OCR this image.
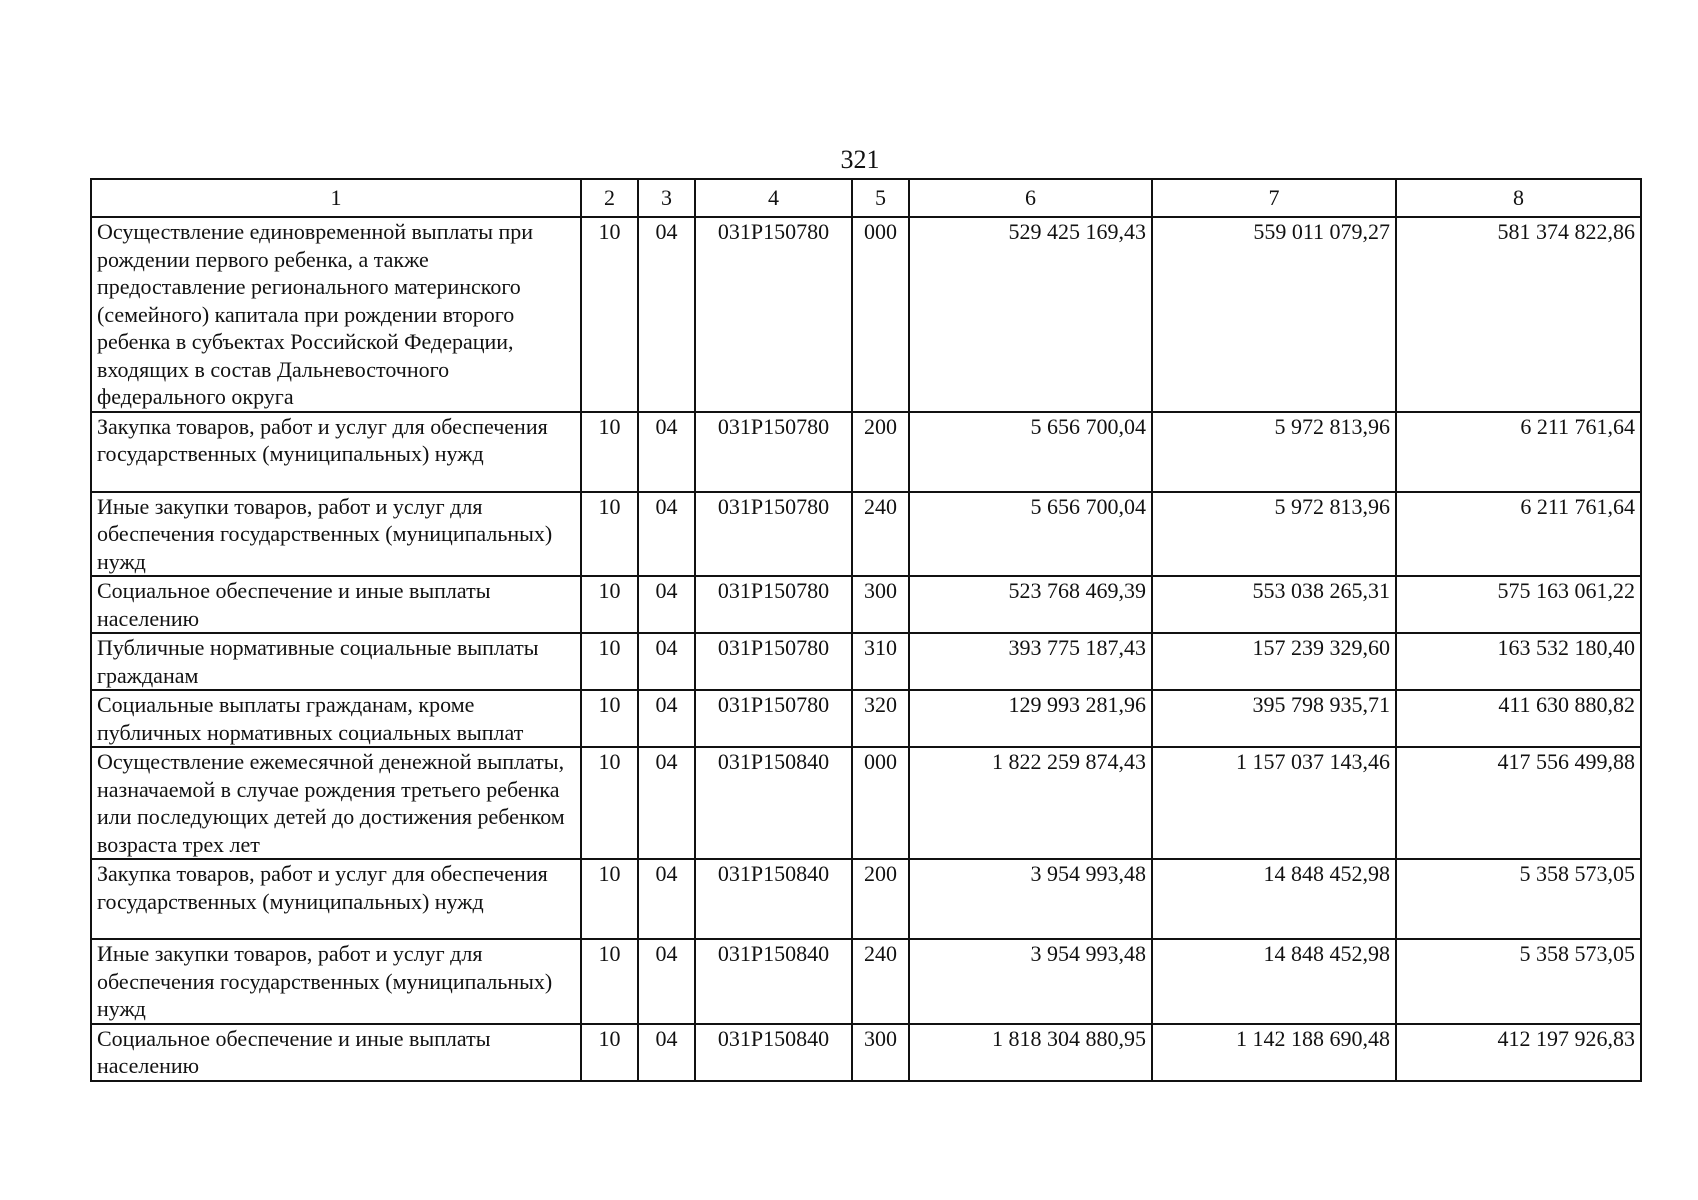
321
1	2	3	4	5	6	7	8
Осуществление единовременной выплаты при рождении первого ребенка, а также предоставление регионального материнского (семейного) капитала при рождении второго ребенка в субъектах Российской Федерации, входящих в состав Дальневосточного федерального округа	10	04	031P150780	000	529 425 169,43	559 011 079,27	581 374 822,86
Закупка товаров, работ и услуг для обеспечения государственных (муниципальных) нужд	10	04	031P150780	200	5 656 700,04	5 972 813,96	6 211 761,64
Иные закупки товаров, работ и услуг для обеспечения государственных (муниципальных) нужд	10	04	031P150780	240	5 656 700,04	5 972 813,96	6 211 761,64
Социальное обеспечение и иные выплаты населению	10	04	031P150780	300	523 768 469,39	553 038 265,31	575 163 061,22
Публичные нормативные социальные выплаты гражданам	10	04	031P150780	310	393 775 187,43	157 239 329,60	163 532 180,40
Социальные выплаты гражданам, кроме публичных нормативных социальных выплат	10	04	031P150780	320	129 993 281,96	395 798 935,71	411 630 880,82
Осуществление ежемесячной денежной выплаты, назначаемой в случае рождения третьего ребенка или последующих детей до достижения ребенком возраста трех лет	10	04	031P150840	000	1 822 259 874,43	1 157 037 143,46	417 556 499,88
Закупка товаров, работ и услуг для обеспечения государственных (муниципальных) нужд	10	04	031P150840	200	3 954 993,48	14 848 452,98	5 358 573,05
Иные закупки товаров, работ и услуг для обеспечения государственных (муниципальных) нужд	10	04	031P150840	240	3 954 993,48	14 848 452,98	5 358 573,05
Социальное обеспечение и иные выплаты населению	10	04	031P150840	300	1 818 304 880,95	1 142 188 690,48	412 197 926,83
